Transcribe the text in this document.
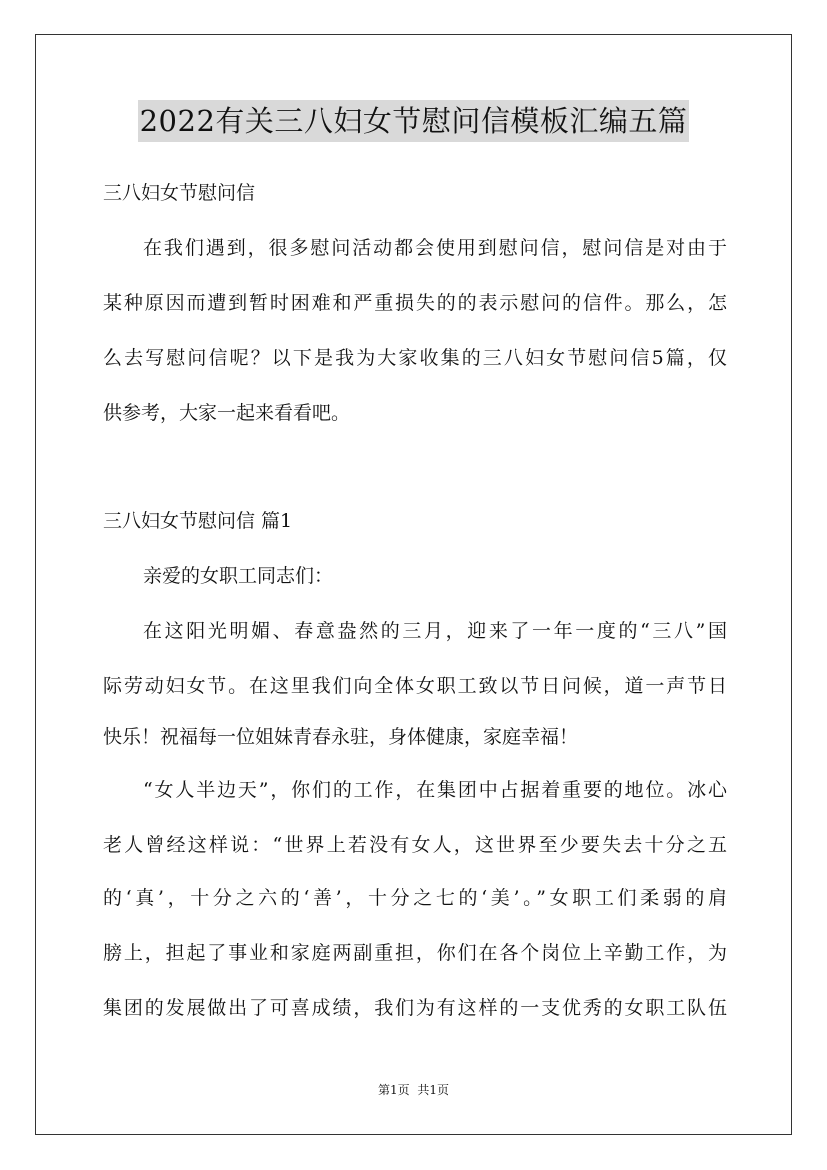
2022有关三八妇女节慰问信模板汇编五篇
三八妇女节慰问信
在我们遇到，很多慰问活动都会使用到慰问信，慰问信是对由于
某种原因而遭到暂时困难和严重损失的的表示慰问的信件。那么，怎
么去写慰问信呢？以下是我为大家收集的三八妇女节慰问信5篇，仅
供参考，大家一起来看看吧。
三八妇女节慰问信 篇1
亲爱的女职工同志们：
在这阳光明媚、春意盎然的三月，迎来了一年一度的“三八”国
际劳动妇女节。在这里我们向全体女职工致以节日问候，道一声节日
快乐！祝福每一位姐妹青春永驻，身体健康，家庭幸福！
“女人半边天”，你们的工作，在集团中占据着重要的地位。冰心
老人曾经这样说：“世界上若没有女人，这世界至少要失去十分之五
的‘真’，十分之六的‘善’，十分之七的‘美’。”女职工们柔弱的肩
膀上，担起了事业和家庭两副重担，你们在各个岗位上辛勤工作，为
集团的发展做出了可喜成绩，我们为有这样的一支优秀的女职工队伍
第1页 共1页
